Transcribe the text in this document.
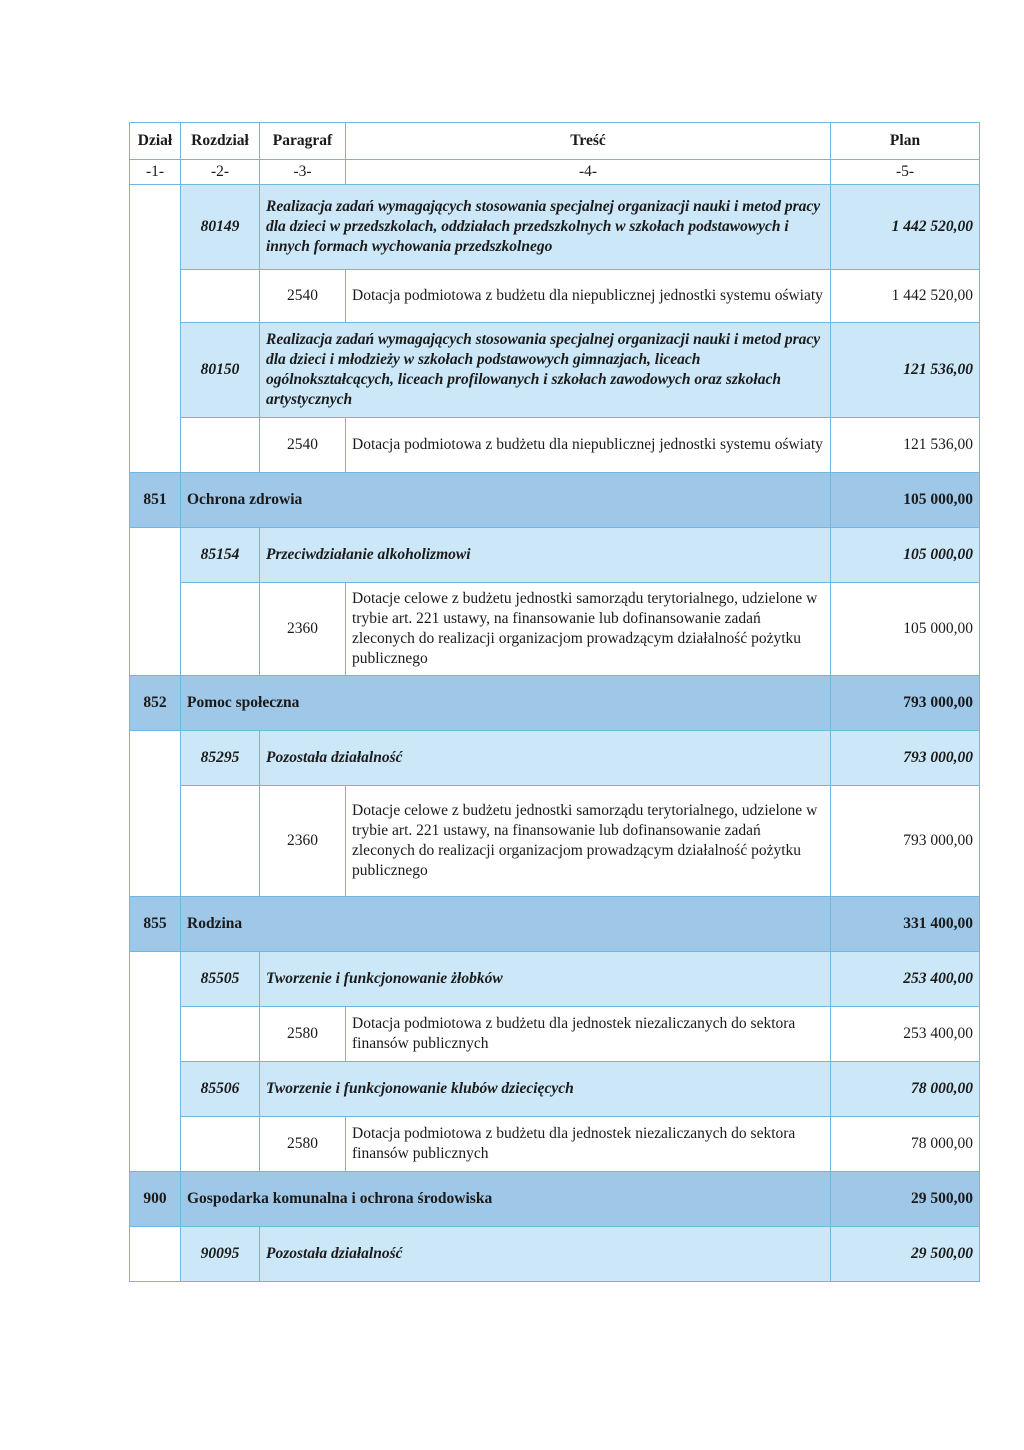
Dział	Rozdział	Paragraf	Treść	Plan
-1-	-2-	-3-	-4-	-5-
	80149	Realizacja zadań wymagających stosowania specjalnej organizacji nauki i metod pracy dla dzieci w przedszkolach, oddziałach przedszkolnych w szkołach podstawowych i innych formach wychowania przedszkolnego		1 442 520,00
		2540	Dotacja podmiotowa z budżetu dla niepublicznej jednostki systemu oświaty	1 442 520,00
	80150	Realizacja zadań wymagających stosowania specjalnej organizacji nauki i metod pracy dla dzieci i młodzieży w szkołach podstawowych gimnazjach, liceach ogólnokształcących, liceach profilowanych i szkołach zawodowych oraz szkołach artystycznych		121 536,00
		2540	Dotacja podmiotowa z budżetu dla niepublicznej jednostki systemu oświaty	121 536,00
851	Ochrona zdrowia			105 000,00
	85154	Przeciwdziałanie alkoholizmowi		105 000,00
		2360	Dotacje celowe z budżetu jednostki samorządu terytorialnego, udzielone w trybie art. 221 ustawy, na finansowanie lub dofinansowanie zadań zleconych do realizacji organizacjom prowadzącym działalność pożytku publicznego	105 000,00
852	Pomoc społeczna			793 000,00
	85295	Pozostała działalność		793 000,00
		2360	Dotacje celowe z budżetu jednostki samorządu terytorialnego, udzielone w trybie art. 221 ustawy, na finansowanie lub dofinansowanie zadań zleconych do realizacji organizacjom prowadzącym działalność pożytku publicznego	793 000,00
855	Rodzina			331 400,00
	85505	Tworzenie i funkcjonowanie żłobków		253 400,00
		2580	Dotacja podmiotowa z budżetu dla jednostek niezaliczanych do sektora finansów publicznych	253 400,00
	85506	Tworzenie i funkcjonowanie klubów dziecięcych		78 000,00
		2580	Dotacja podmiotowa z budżetu dla jednostek niezaliczanych do sektora finansów publicznych	78 000,00
900	Gospodarka komunalna i ochrona środowiska			29 500,00
	90095	Pozostała działalność		29 500,00
